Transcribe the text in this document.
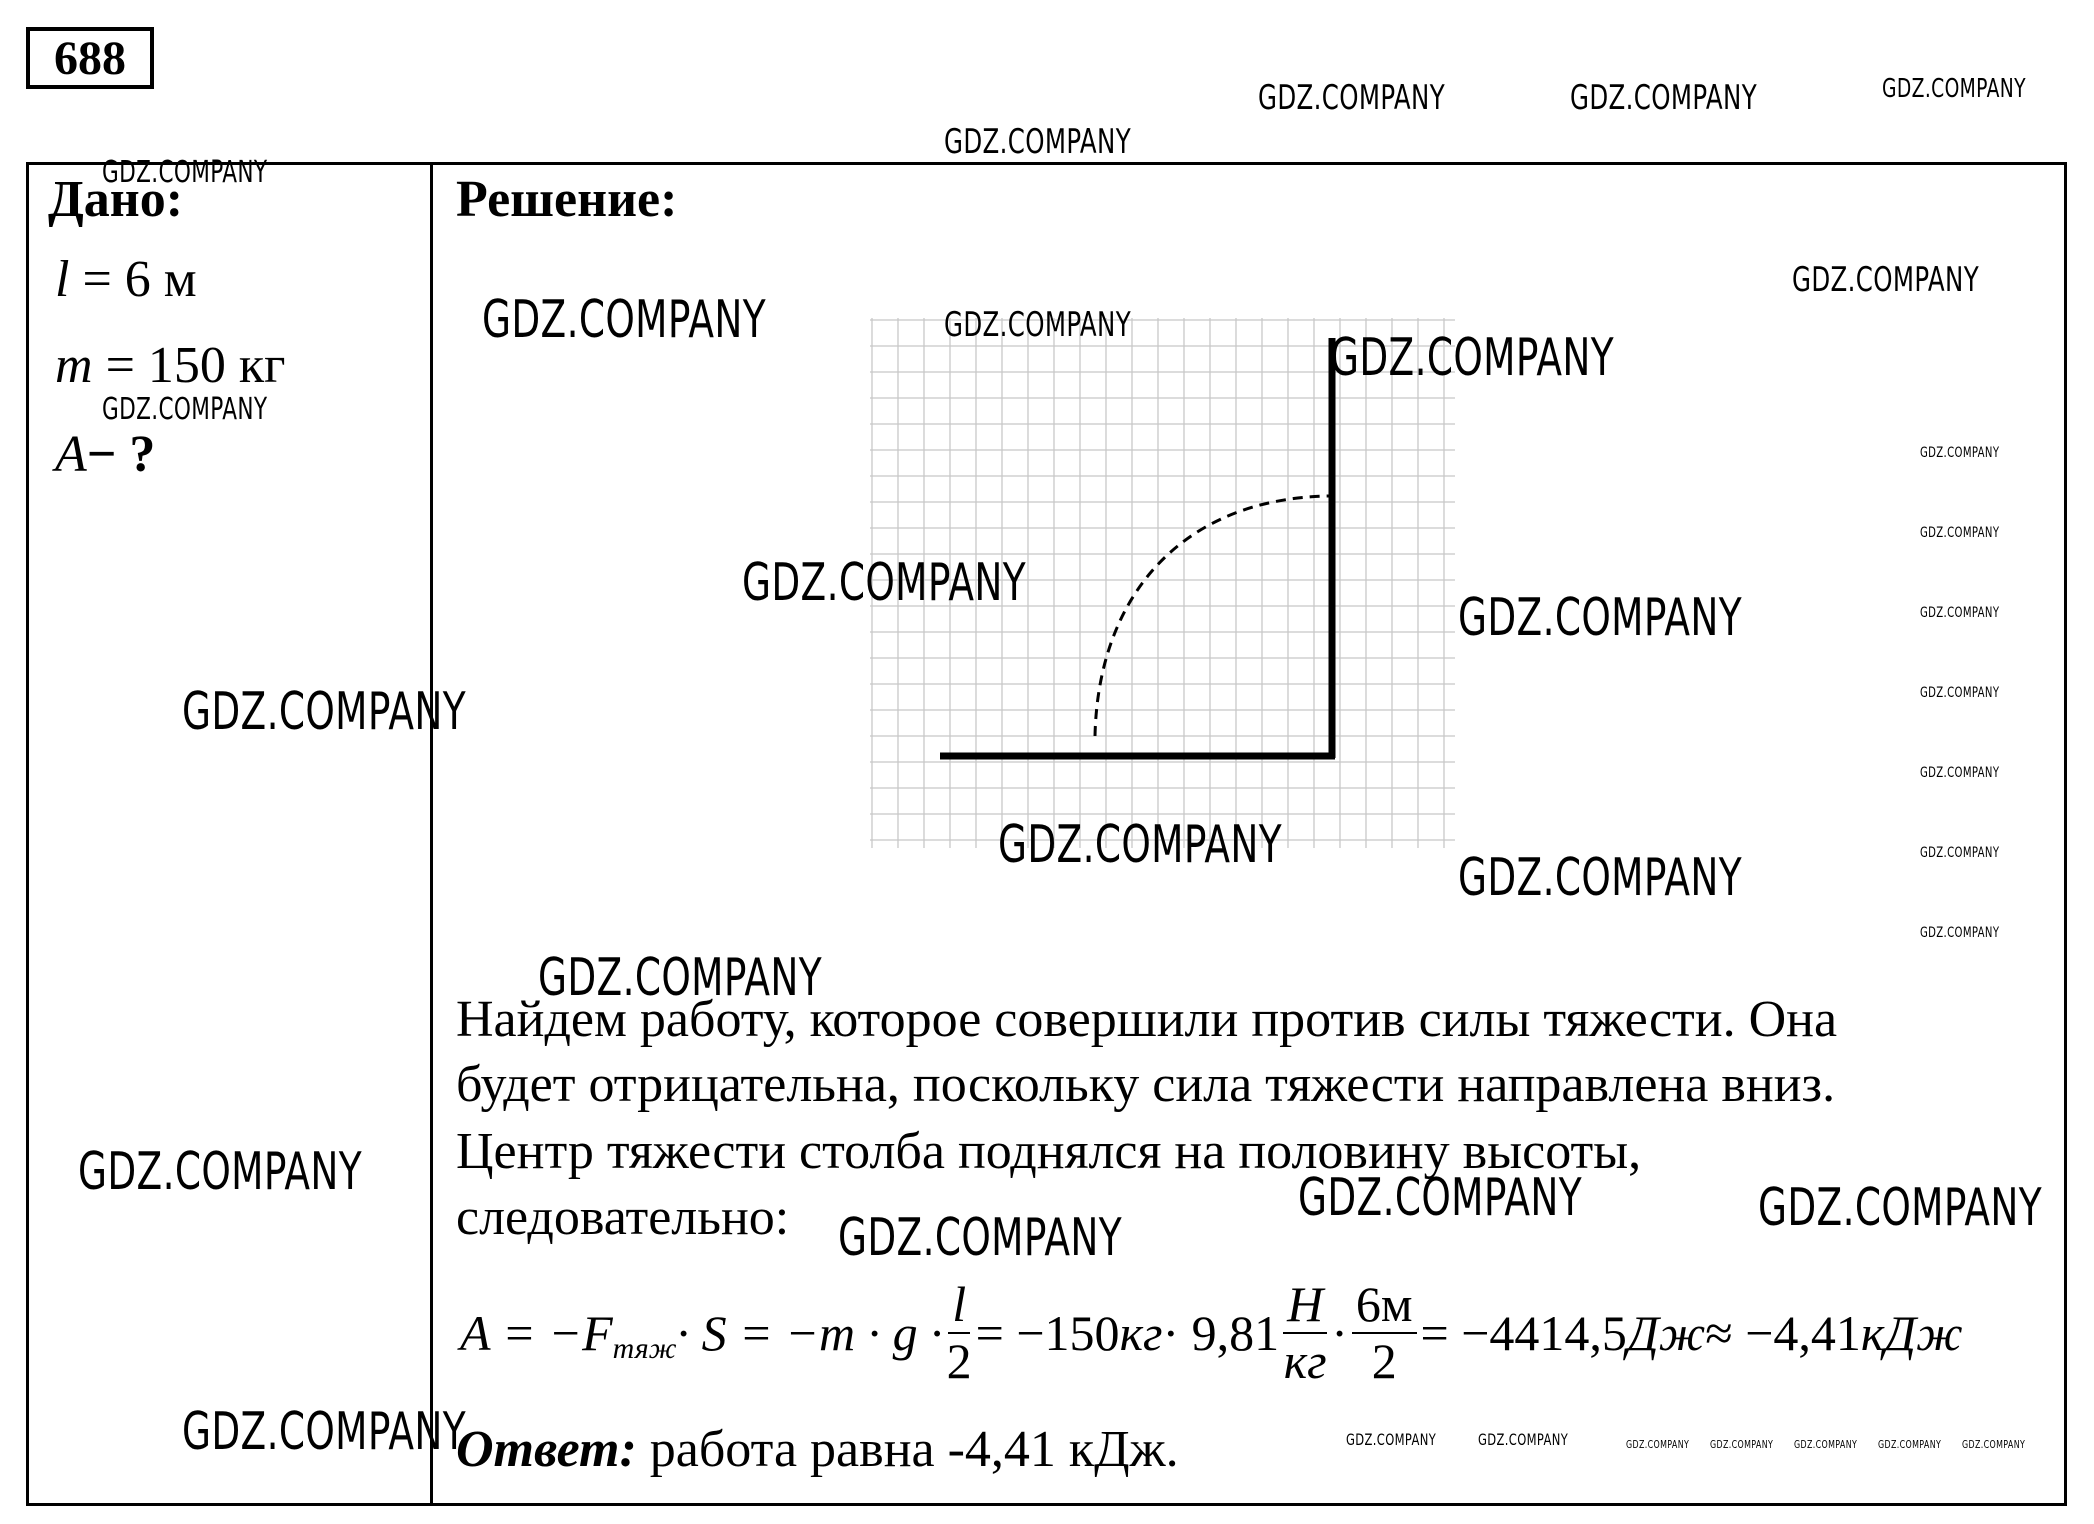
688
Дано:
l = 6 м
m = 150 кг
A− ?
Решение:
Найдем работу, которое совершили против силы тяжести. Она
будет отрицательна, поскольку сила тяжести направлена вниз.
Центр тяжести столба поднялся на половину высоты,
следовательно:
A = −F тяж · $S = -m \cdot g \cdot \frac{l}{2} = -150$ кг · $9,81 \frac{Н}{кг} \cdot \frac{6м}{2} = -4414,5$ Дж ≈ −4,41 кДж
Ответ: работа равна -4,41 кДж.
GDZ.COMPANY	GDZ.COMPANY	GDZ.COMPANY
GDZ.COMPANY
GDZ.COMPANY
GDZ.COMPANY
GDZ.COMPANY	GDZ.COMPANY
GDZ.COMPANY
GDZ.COMPANY
GDZ.COMPANY
GDZ.COMPANY
GDZ.COMPANY
GDZ.COMPANY
GDZ.COMPANY
GDZ.COMPANY
GDZ.COMPANY	GDZ.COMPANY	GDZ.COMPANY
GDZ.COMPANY
GDZ.COMPANY
GDZ.COMPANY
GDZ.COMPANY
GDZ.COMPANY
GDZ.COMPANY
GDZ.COMPANY
GDZ.COMPANY
GDZ.COMPANY
GDZ.COMPANY	GDZ.COMPANY	GDZ.COMPANY GDZ.COMPANY GDZ.COMPANY GDZ.COMPANY GDZ.COMPANY
